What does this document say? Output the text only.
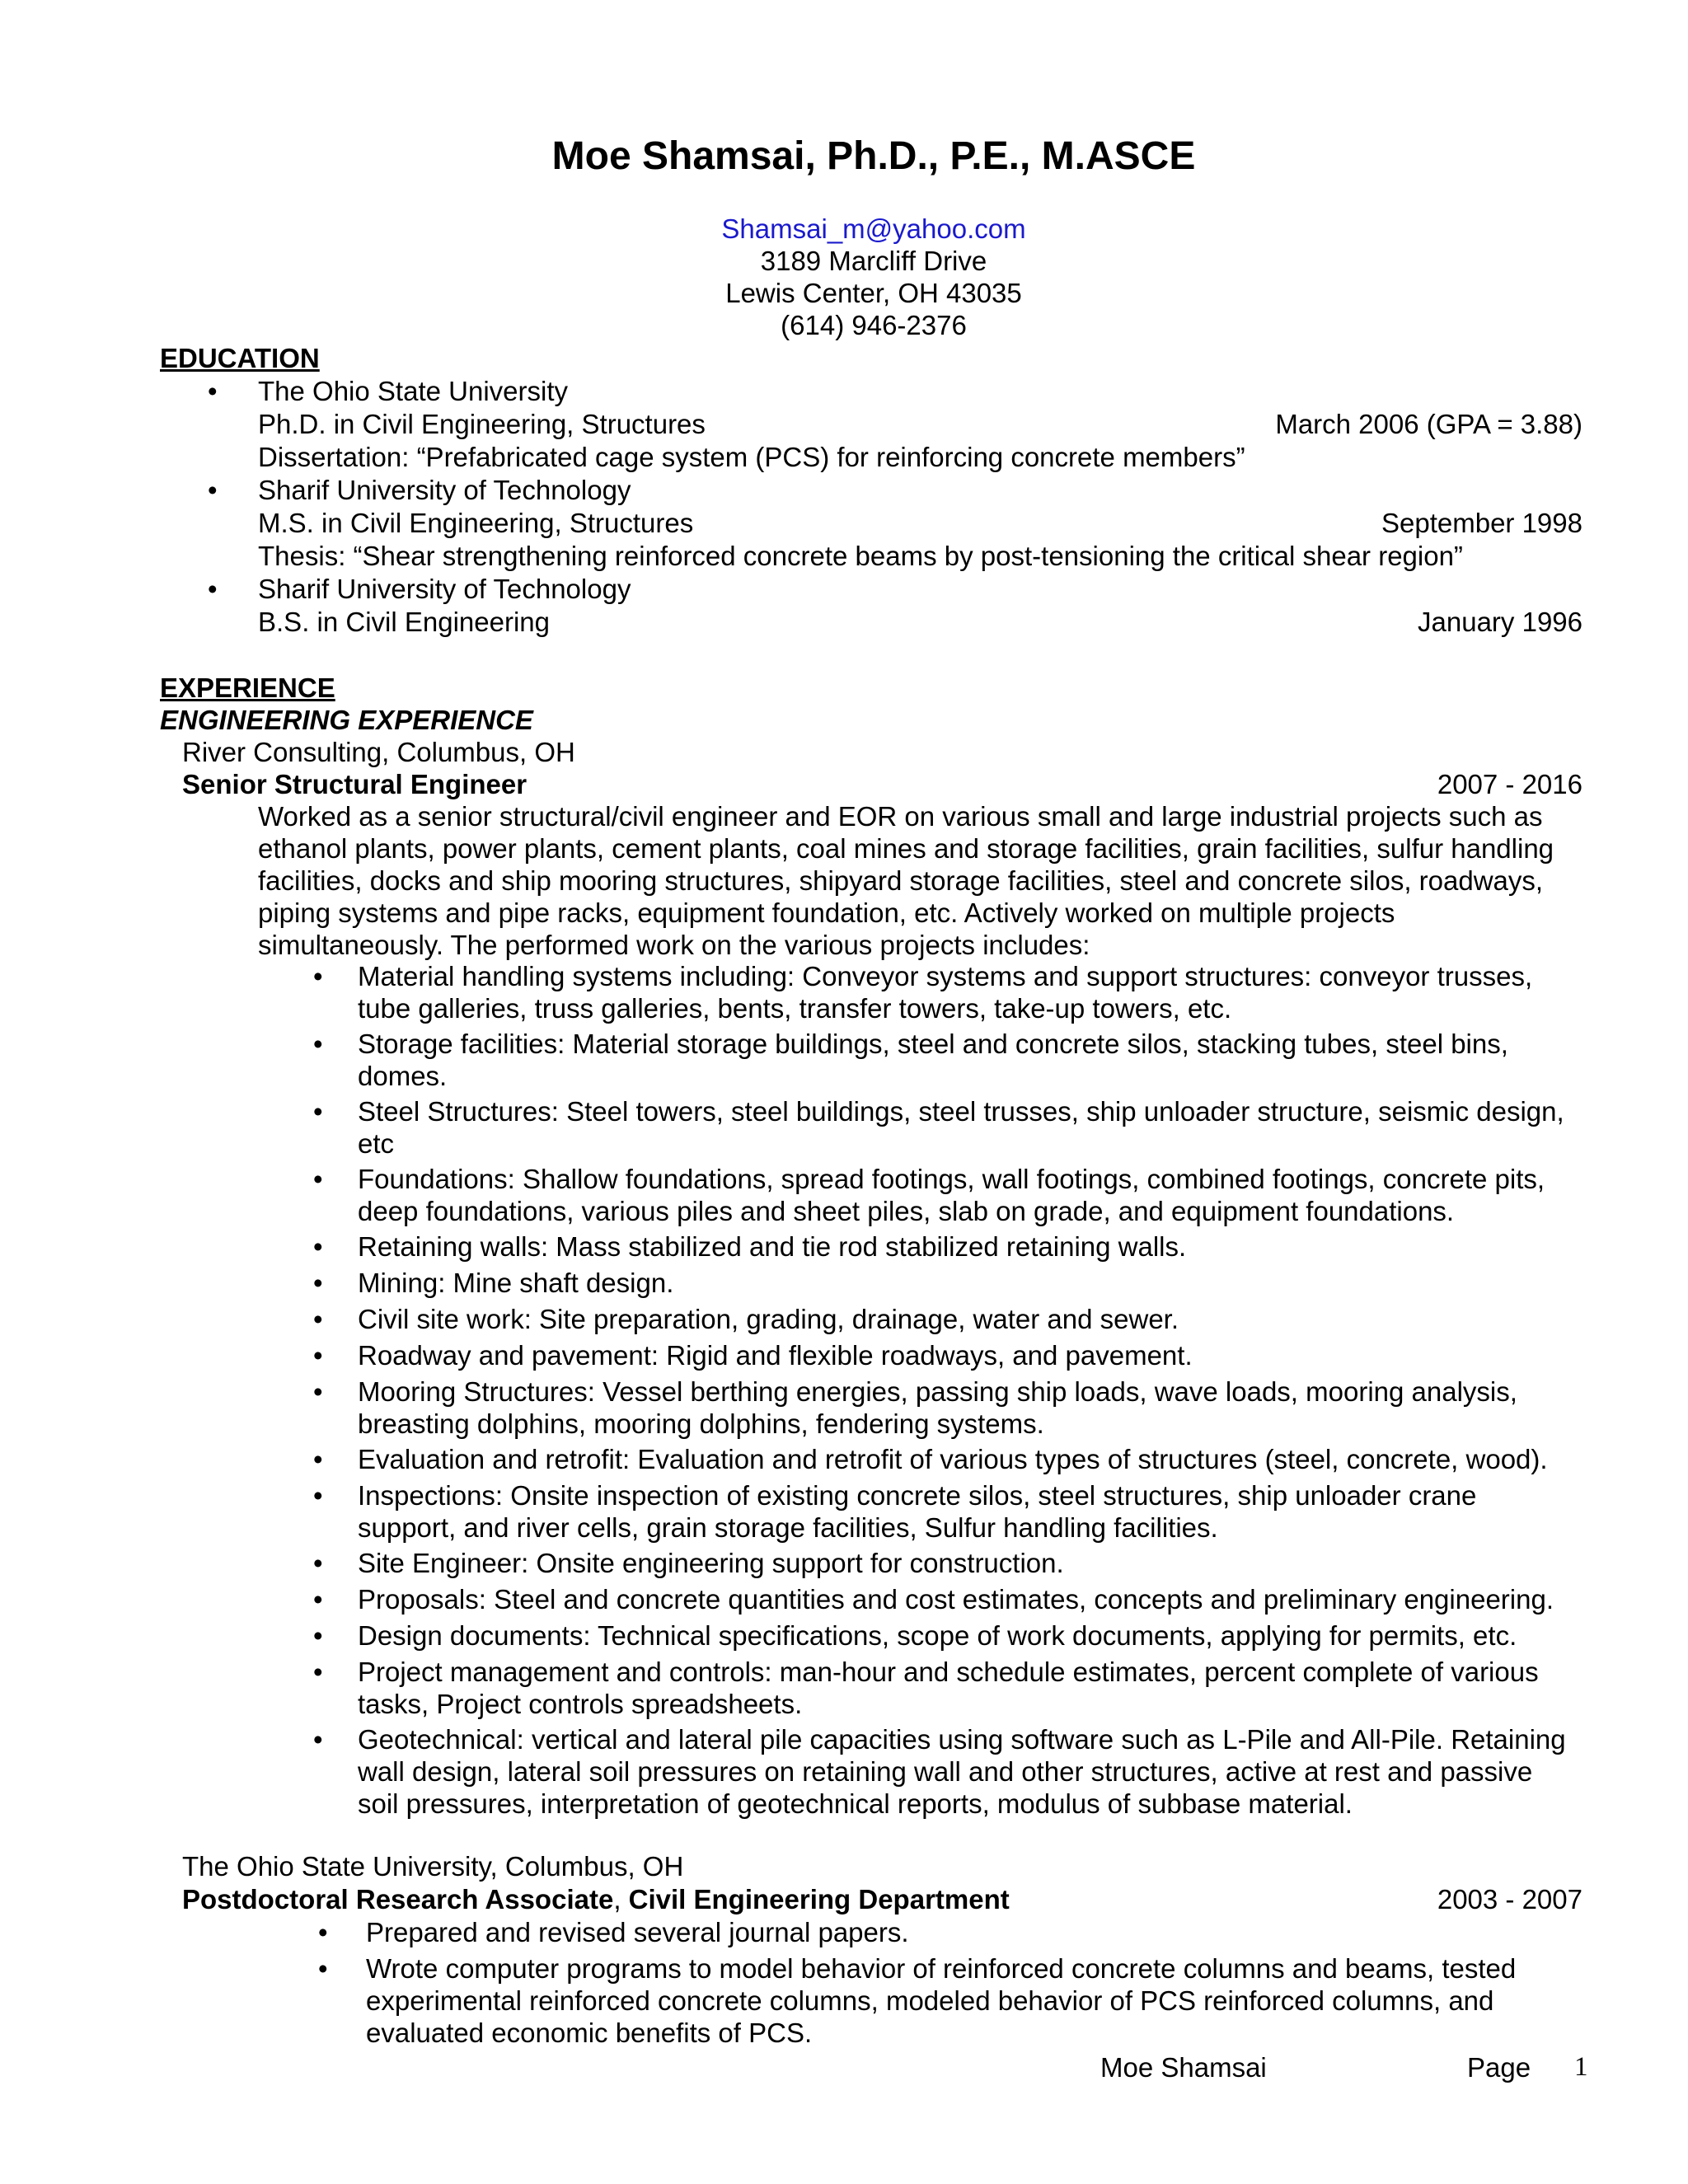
Moe Shamsai, Ph.D., P.E., M.ASCE
Shamsai_m@yahoo.com
3189 Marcliff Drive
Lewis Center, OH 43035
(614) 946-2376
EDUCATION
• The Ohio State University
Ph.D. in Civil Engineering, Structures	March 2006 (GPA = 3.88)
Dissertation: “Prefabricated cage system (PCS) for reinforcing concrete members”
• Sharif University of Technology
M.S. in Civil Engineering, Structures	September 1998
Thesis: “Shear strengthening reinforced concrete beams by post-tensioning the critical shear region”
• Sharif University of Technology
B.S. in Civil Engineering	January 1996
EXPERIENCE
ENGINEERING EXPERIENCE
River Consulting, Columbus, OH
Senior Structural Engineer	2007 - 2016
Worked as a senior structural/civil engineer and EOR on various small and large industrial projects such as
ethanol plants, power plants, cement plants, coal mines and storage facilities, grain facilities, sulfur handling
facilities, docks and ship mooring structures, shipyard storage facilities, steel and concrete silos, roadways,
piping systems and pipe racks, equipment foundation, etc. Actively worked on multiple projects
simultaneously. The performed work on the various projects includes:
• Material handling systems including: Conveyor systems and support structures: conveyor trusses,
tube galleries, truss galleries, bents, transfer towers, take-up towers, etc.
• Storage facilities: Material storage buildings, steel and concrete silos, stacking tubes, steel bins,
domes.
• Steel Structures: Steel towers, steel buildings, steel trusses, ship unloader structure, seismic design,
etc
• Foundations: Shallow foundations, spread footings, wall footings, combined footings, concrete pits,
deep foundations, various piles and sheet piles, slab on grade, and equipment foundations.
• Retaining walls: Mass stabilized and tie rod stabilized retaining walls.
• Mining: Mine shaft design.
• Civil site work: Site preparation, grading, drainage, water and sewer.
• Roadway and pavement: Rigid and flexible roadways, and pavement.
• Mooring Structures: Vessel berthing energies, passing ship loads, wave loads, mooring analysis,
breasting dolphins, mooring dolphins, fendering systems.
• Evaluation and retrofit: Evaluation and retrofit of various types of structures (steel, concrete, wood).
• Inspections: Onsite inspection of existing concrete silos, steel structures, ship unloader crane
support, and river cells, grain storage facilities, Sulfur handling facilities.
• Site Engineer: Onsite engineering support for construction.
• Proposals: Steel and concrete quantities and cost estimates, concepts and preliminary engineering.
• Design documents: Technical specifications, scope of work documents, applying for permits, etc.
• Project management and controls: man-hour and schedule estimates, percent complete of various
tasks, Project controls spreadsheets.
• Geotechnical: vertical and lateral pile capacities using software such as L-Pile and All-Pile. Retaining
wall design, lateral soil pressures on retaining wall and other structures, active at rest and passive
soil pressures, interpretation of geotechnical reports, modulus of subbase material.
The Ohio State University, Columbus, OH
Postdoctoral Research Associate, Civil Engineering Department	2003 - 2007
• Prepared and revised several journal papers.
• Wrote computer programs to model behavior of reinforced concrete columns and beams, tested
experimental reinforced concrete columns, modeled behavior of PCS reinforced columns, and
evaluated economic benefits of PCS.
Moe Shamsai	Page 1
